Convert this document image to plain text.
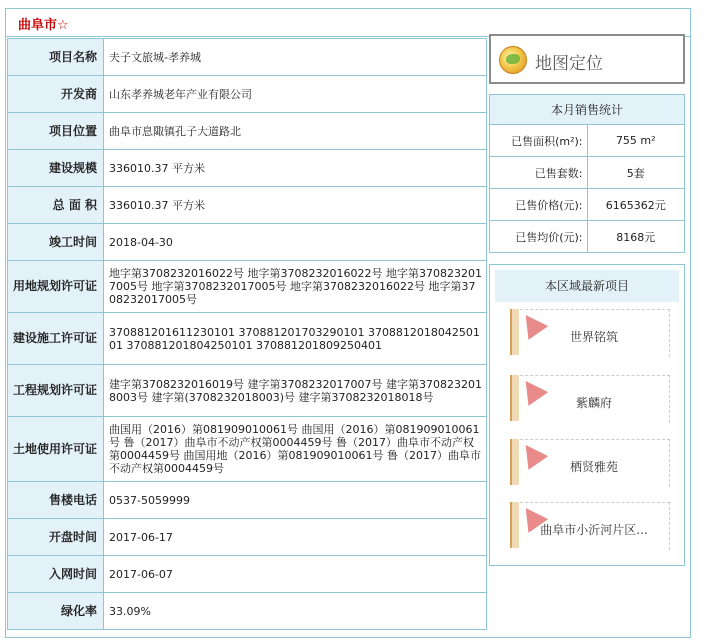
曲阜市☆
项目名称	夫子文旅城-孝养城
开发商	山东孝养城老年产业有限公司
项目位置	曲阜市息陬镇孔子大道路北
建设规模	336010.37 平方米
总 面 积	336010.37 平方米
竣工时间	2018-04-30
用地规划许可证	地字第3708232016022号 地字第3708232016022号 地字第3708232017005号 地字第3708232017005号 地字第3708232016022号 地字第3708232017005号
建设施工许可证	370881201611230101 370881201703290101 370881201804250101 370881201804250101 370881201809250401
工程规划许可证	建字第3708232016019号 建字第3708232017007号 建字第3708232018003号 建字第(3708232018003)号 建字第3708232018018号
土地使用许可证	曲国用（2016）第081909010061号 曲国用（2016）第081909010061号 鲁（2017）曲阜市不动产权第0004459号 鲁（2017）曲阜市不动产权第0004459号 曲国用地（2016）第081909010061号 鲁（2017）曲阜市不动产权第0004459号
售楼电话	0537-5059999
开盘时间	2017-06-17
入网时间	2017-06-07
绿化率	33.09%
地图定位
本月销售统计	
已售面积(m²):	755 m²
已售套数:	5套
已售价格(元):	6165362元
已售均价(元):	8168元
本区域最新项目
世界铭筑
紫麟府
栖贤雅苑
曲阜市小沂河片区...
